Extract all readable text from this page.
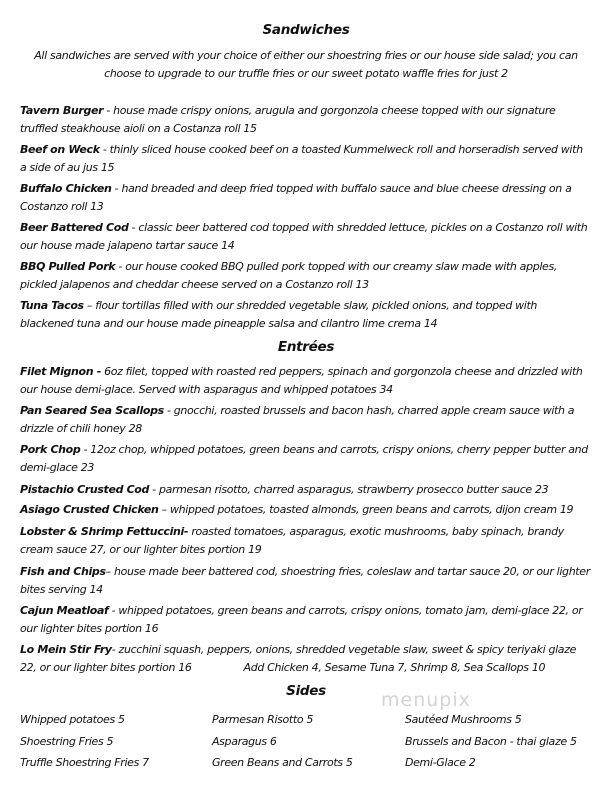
Sandwiches
All sandwiches are served with your choice of either our shoestring fries or our house side salad; you can
choose to upgrade to our truffle fries or our sweet potato waffle fries for just 2
Tavern Burger - house made crispy onions, arugula and gorgonzola cheese topped with our signature truffled steakhouse aioli on a Costanza roll 15
Beef on Weck - thinly sliced house cooked beef on a toasted Kummelweck roll and horseradish served with a side of au jus 15
Buffalo Chicken - hand breaded and deep fried topped with buffalo sauce and blue cheese dressing on a Costanzo roll 13
Beer Battered Cod - classic beer battered cod topped with shredded lettuce, pickles on a Costanzo roll with our house made jalapeno tartar sauce 14
BBQ Pulled Pork - our house cooked BBQ pulled pork topped with our creamy slaw made with apples, pickled jalapenos and cheddar cheese served on a Costanzo roll 13
Tuna Tacos – flour tortillas filled with our shredded vegetable slaw, pickled onions, and topped with blackened tuna and our house made pineapple salsa and cilantro lime crema 14
Entrées
Filet Mignon - 6oz filet, topped with roasted red peppers, spinach and gorgonzola cheese and drizzled with our house demi-glace. Served with asparagus and whipped potatoes 34
Pan Seared Sea Scallops - gnocchi, roasted brussels and bacon hash, charred apple cream sauce with a drizzle of chili honey 28
Pork Chop - 12oz chop, whipped potatoes, green beans and carrots, crispy onions, cherry pepper butter and demi-glace 23
Pistachio Crusted Cod - parmesan risotto, charred asparagus, strawberry prosecco butter sauce 23
Asiago Crusted Chicken – whipped potatoes, toasted almonds, green beans and carrots, dijon cream 19
Lobster & Shrimp Fettuccini- roasted tomatoes, asparagus, exotic mushrooms, baby spinach, brandy cream sauce 27, or our lighter bites portion 19
Fish and Chips– house made beer battered cod, shoestring fries, coleslaw and tartar sauce 20, or our lighter bites serving 14
Cajun Meatloaf - whipped potatoes, green beans and carrots, crispy onions, tomato jam, demi-glace 22, or our lighter bites portion 16
Lo Mein Stir Fry- zucchini squash, peppers, onions, shredded vegetable slaw, sweet & spicy teriyaki glaze 22, or our lighter bites portion 16	Add Chicken 4, Sesame Tuna 7, Shrimp 8, Sea Scallops 10
Sides	menupix
Whipped potatoes 5
Shoestring Fries 5
Truffle Shoestring Fries 7
Parmesan Risotto 5
Asparagus 6
Green Beans and Carrots 5
Sautéed Mushrooms 5
Brussels and Bacon - thai glaze 5
Demi-Glace 2
